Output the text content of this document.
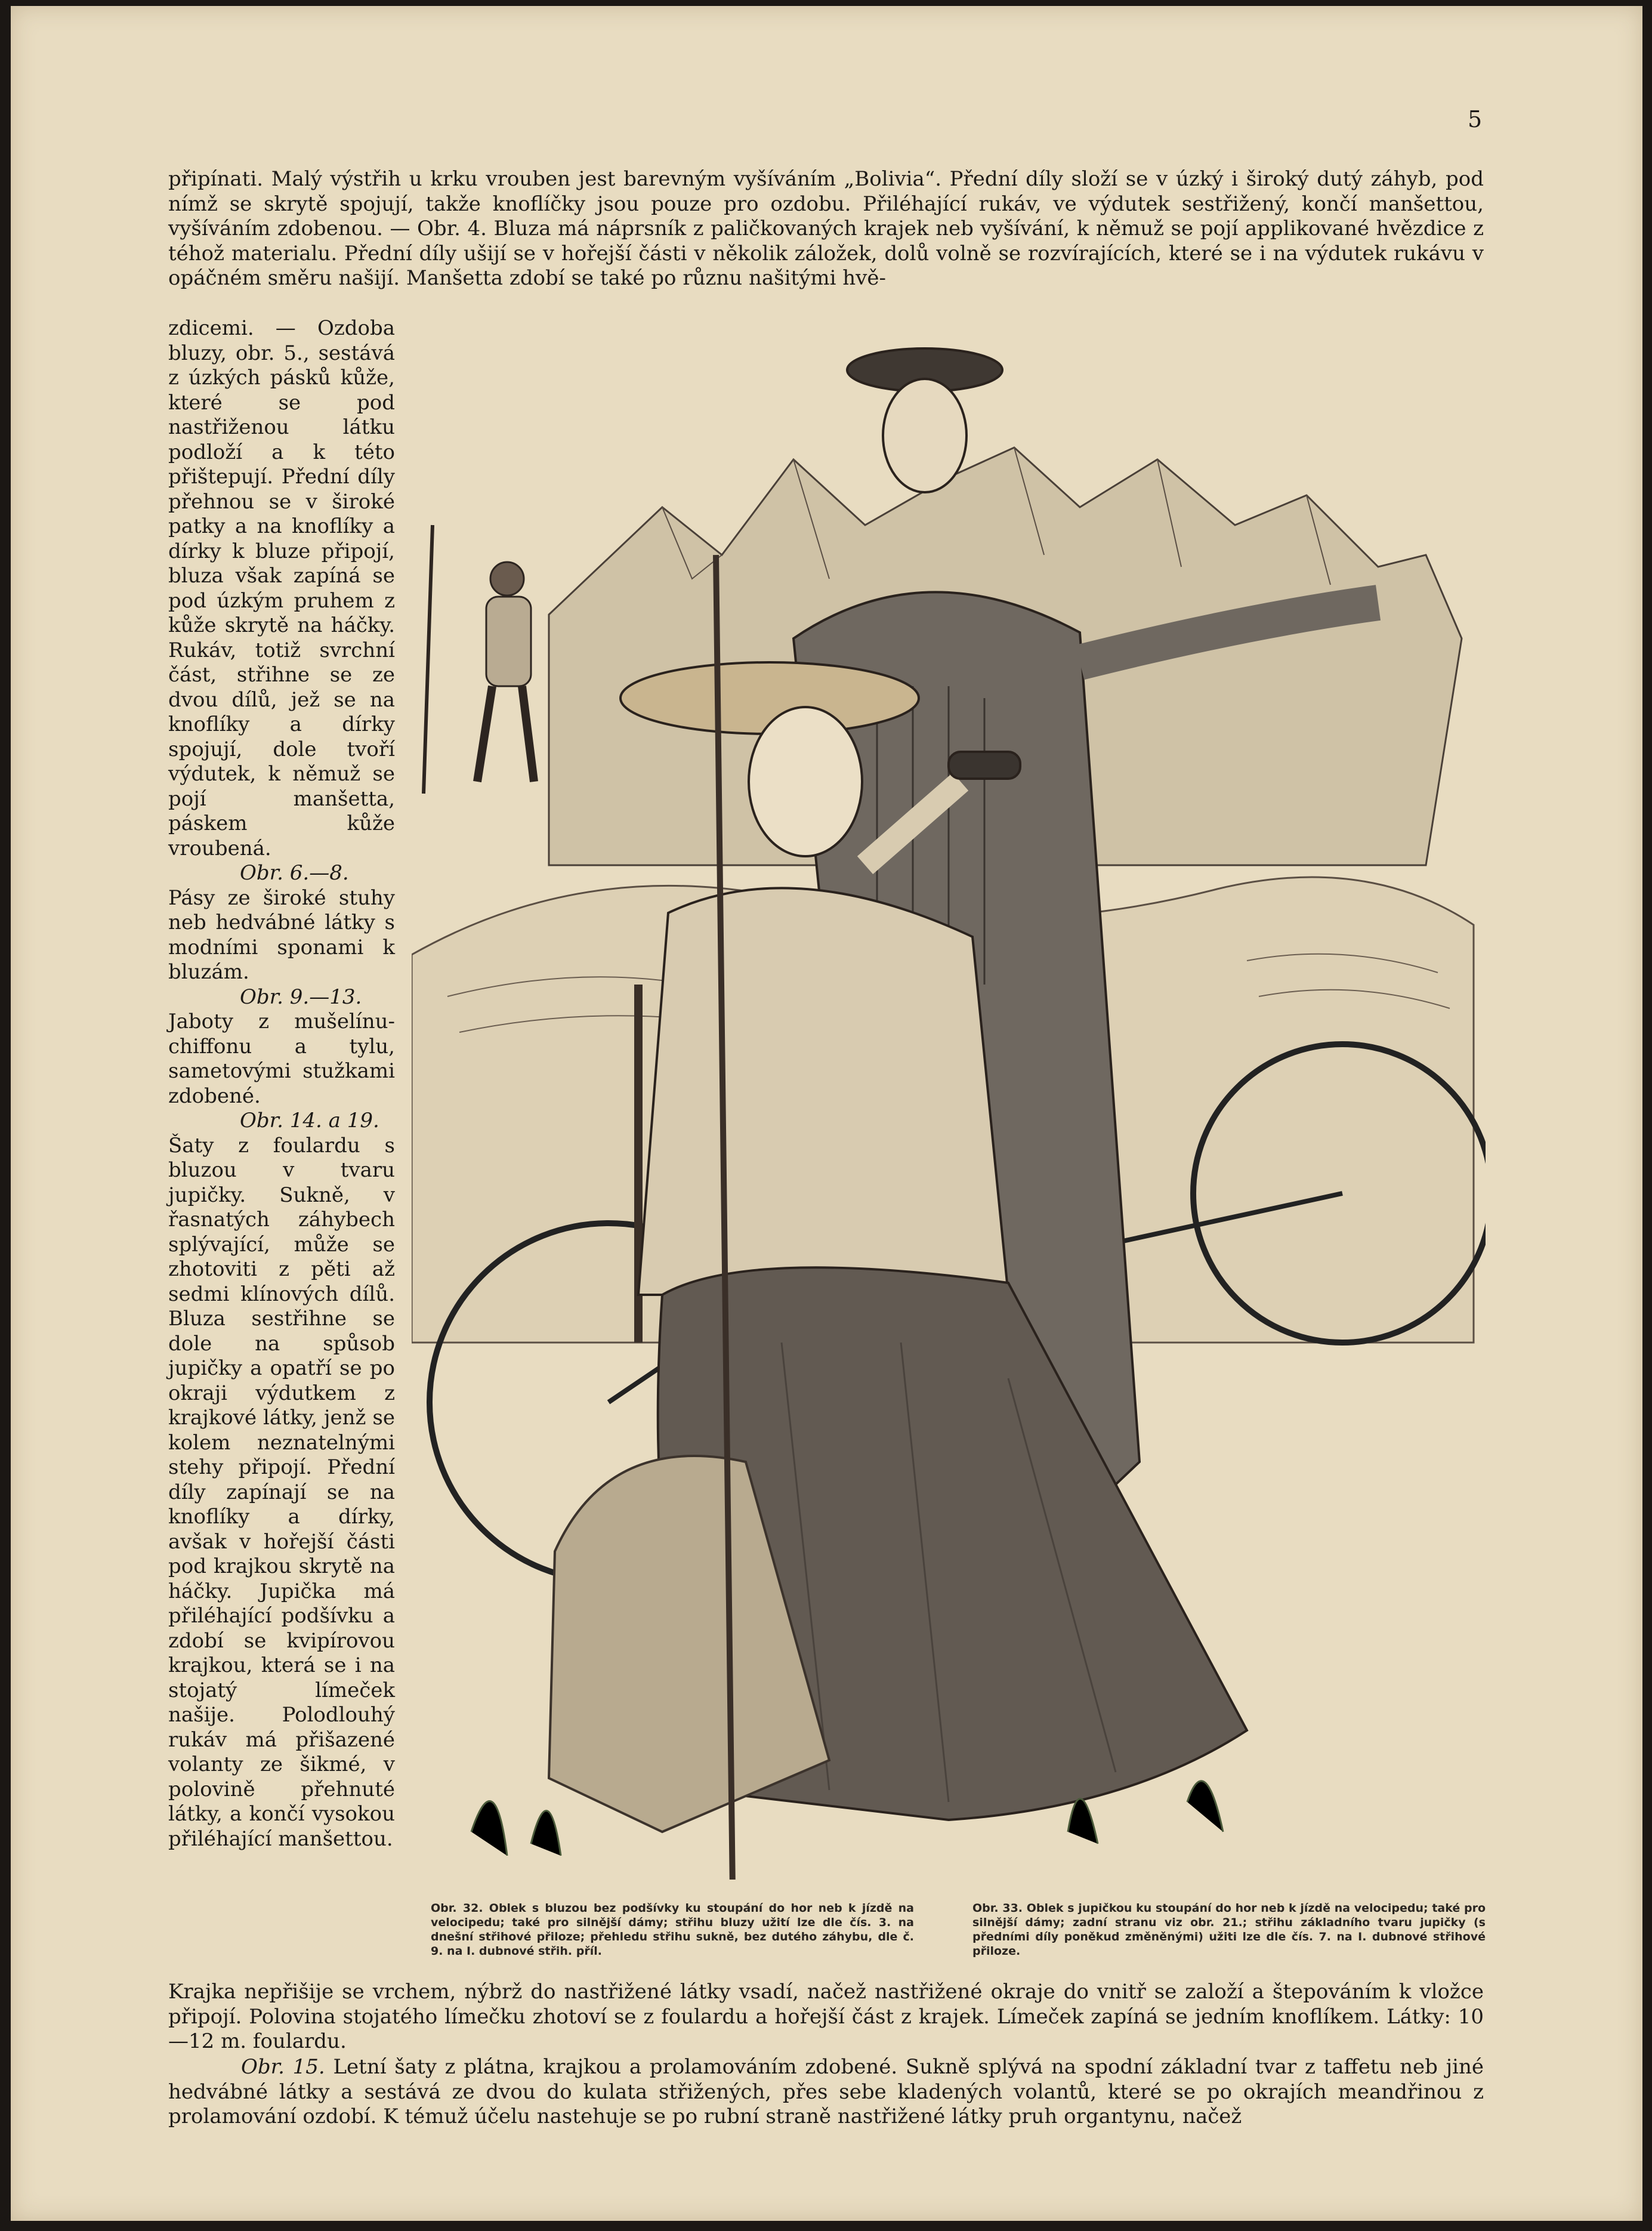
5

připínati. Malý výstřih u krku vrouben jest barevným vyšíváním „Bolivia“. Přední díly složí se v úzký i široký dutý záhyb, pod nímž se skrytě spojují, takže knoflíčky jsou pouze pro ozdobu. Přiléhající rukáv, ve výdutek sestřižený, končí manšettou, vyšíváním zdobenou. — Obr. 4. Bluza má náprsník z paličkovaných krajek neb vyšívání, k němuž se pojí applikované hvězdice z téhož materialu. Přední díly ušijí se v hořejší části v několik záložek, dolů volně se rozvírajících, které se i na výdutek rukávu v opáčném směru našijí. Manšetta zdobí se také po různu našitými hvě-

zdicemi. — Ozdoba bluzy, obr. 5., sestává z úzkých pásků kůže, které se pod nastřiženou látku podloží a k této přištepují. Přední díly přehnou se v široké patky a na knoflíky a dírky k bluze připojí, bluza však zapíná se pod úzkým pruhem z kůže skrytě na háčky. Rukáv, totiž svrchní část, střihne se ze dvou dílů, jež se na knoflíky a dírky spojují, dole tvoří výdutek, k němuž se pojí manšetta, páskem kůže vroubená.

Obr. 6.—8.

Pásy ze široké stuhy neb hedvábné látky s modními sponami k bluzám.

Obr. 9.—13.

Jaboty z mušelínu-chiffonu a tylu, sametovými stužkami zdobené.

Obr. 14. a 19.

Šaty z foulardu s bluzou v tvaru jupičky. Sukně, v řasnatých záhybech splývající, může se zhotoviti z pěti až sedmi klínových dílů. Bluza sestřihne se dole na spůsob jupičky a opatří se po okraji výdutkem z krajkové látky, jenž se kolem neznatelnými stehy připojí. Přední díly zapínají se na knoflíky a dírky, avšak v hořejší části pod krajkou skrytě na háčky. Jupička má přiléhající podšívku a zdobí se kvipírovou krajkou, která se i na stojatý límeček našije. Polodlouhý rukáv má přišazené volanty ze šikmé, v polovině přehnuté látky, a končí vysokou přiléhající manšettou.

Obr. 32. Oblek s bluzou bez podšívky ku stoupání do hor neb k jízdě na velocipedu; také pro silnější dámy; střihu bluzy užití lze dle čís. 3. na dnešní střihové přiloze; přehledu střihu sukně, bez dutého záhybu, dle č. 9. na I. dubnové střih. příl.
Obr. 33. Oblek s jupičkou ku stoupání do hor neb k jízdě na velocipedu; také pro silnější dámy; zadní stranu viz obr. 21.; střihu základního tvaru jupičky (s předními díly poněkud změněnými) užiti lze dle čís. 7. na I. dubnové střihové přiloze.

Krajka nepřišije se vrchem, nýbrž do nastřižené látky vsadí, načež nastřižené okraje do vnitř se založí a štepováním k vložce připojí. Polovina stojatého límečku zhotoví se z foulardu a hořejší část z krajek. Límeček zapíná se jedním knoflíkem. Látky: 10—12 m. foulardu.

Obr. 15. Letní šaty z plátna, krajkou a prolamováním zdobené. Sukně splývá na spodní základní tvar z taffetu neb jiné hedvábné látky a sestává ze dvou do kulata střižených, přes sebe kladených volantů, které se po okrajích meandřinou z prolamování ozdobí. K témuž účelu nastehuje se po rubní straně nastřižené látky pruh organtynu, načež
